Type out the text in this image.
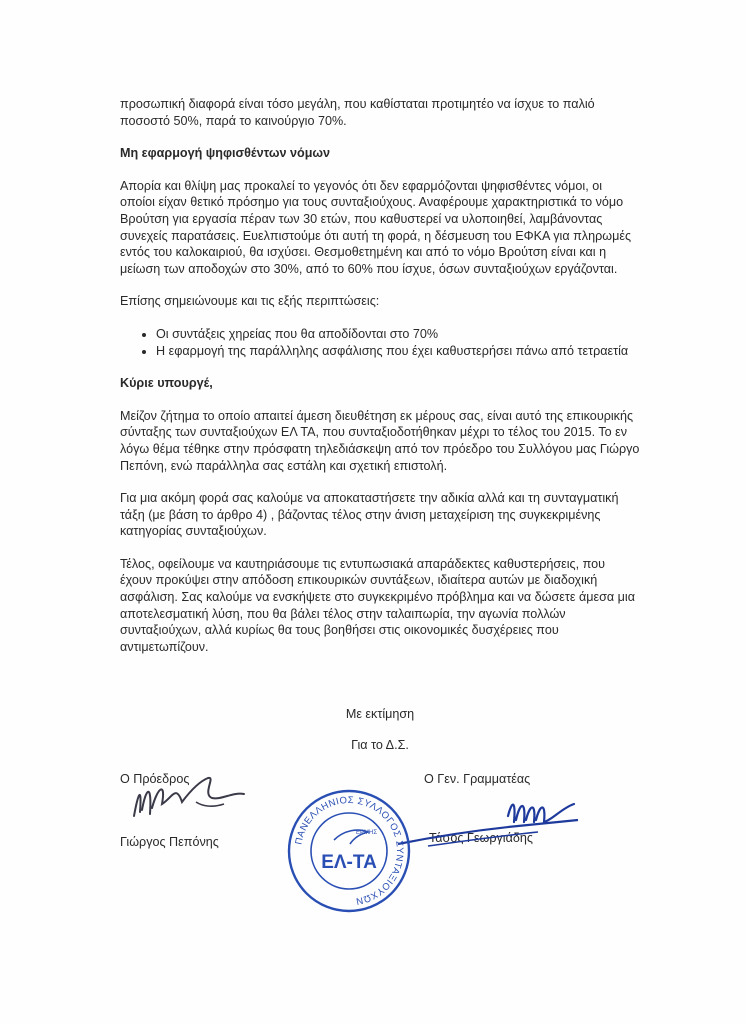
προσωπική διαφορά είναι τόσο μεγάλη, που καθίσταται προτιμητέο να ίσχυε το παλιό ποσοστό 50%, παρά το καινούργιο 70%.

Μη εφαρμογή ψηφισθέντων νόμων

Απορία και θλίψη μας προκαλεί το γεγονός ότι δεν εφαρμόζονται ψηφισθέντες νόμοι, οι οποίοι είχαν θετικό πρόσημο για τους συνταξιούχους. Αναφέρουμε χαρακτηριστικά το νόμο Βρούτση για εργασία πέραν των 30 ετών, που καθυστερεί να υλοποιηθεί, λαμβάνοντας συνεχείς παρατάσεις. Ευελπιστούμε ότι αυτή τη φορά, η δέσμευση του ΕΦΚΑ για πληρωμές εντός του καλοκαιριού, θα ισχύσει. Θεσμοθετημένη και από το νόμο Βρούτση είναι και η μείωση των αποδοχών στο 30%, από το 60% που ίσχυε, όσων συνταξιούχων εργάζονται.

Επίσης σημειώνουμε και τις εξής περιπτώσεις:

• Οι συντάξεις χηρείας που θα αποδίδονται στο 70%
• Η εφαρμογή της παράλληλης ασφάλισης που έχει καθυστερήσει πάνω από τετραετία

Κύριε υπουργέ,

Μείζον ζήτημα το οποίο απαιτεί άμεση διευθέτηση εκ μέρους σας, είναι αυτό της επικουρικής σύνταξης των συνταξιούχων ΕΛ ΤΑ, που συνταξιοδοτήθηκαν μέχρι το τέλος του 2015. Το εν λόγω θέμα τέθηκε στην πρόσφατη τηλεδιάσκεψη από τον πρόεδρο του Συλλόγου μας Γιώργο Πεπόνη, ενώ παράλληλα σας εστάλη και σχετική επιστολή.

Για μια ακόμη φορά σας καλούμε να αποκαταστήσετε την αδικία αλλά και τη συνταγματική τάξη (με βάση το άρθρο 4) , βάζοντας τέλος στην άνιση μεταχείριση της συγκεκριμένης κατηγορίας συνταξιούχων.

Τέλος, οφείλουμε να καυτηριάσουμε τις εντυπωσιακά απαράδεκτες καθυστερήσεις, που έχουν προκύψει στην απόδοση επικουρικών συντάξεων, ιδιαίτερα αυτών με διαδοχική ασφάλιση. Σας καλούμε να ενσκήψετε στο συγκεκριμένο πρόβλημα και να δώσετε άμεσα μια αποτελεσματική λύση, που θα βάλει τέλος στην ταλαιπωρία, την αγωνία πολλών συνταξιούχων, αλλά κυρίως θα τους βοηθήσει στις οικονομικές δυσχέρειες που αντιμετωπίζουν.

Με εκτίμηση
Για το Δ.Σ.
Ο Πρόεδρος	Ο Γεν. Γραμματέας
Γιώργος Πεπόνης	Τάσος Γεωργιάδης
ΠΑΝΕΛΛΗΝΙΟΣ ΣΥΛΛΟΓΟΣ ΣΥΝΤΑΞΙΟΥΧΩΝ
ΕΡΜΗΣ
ΕΛ-ΤΑ
